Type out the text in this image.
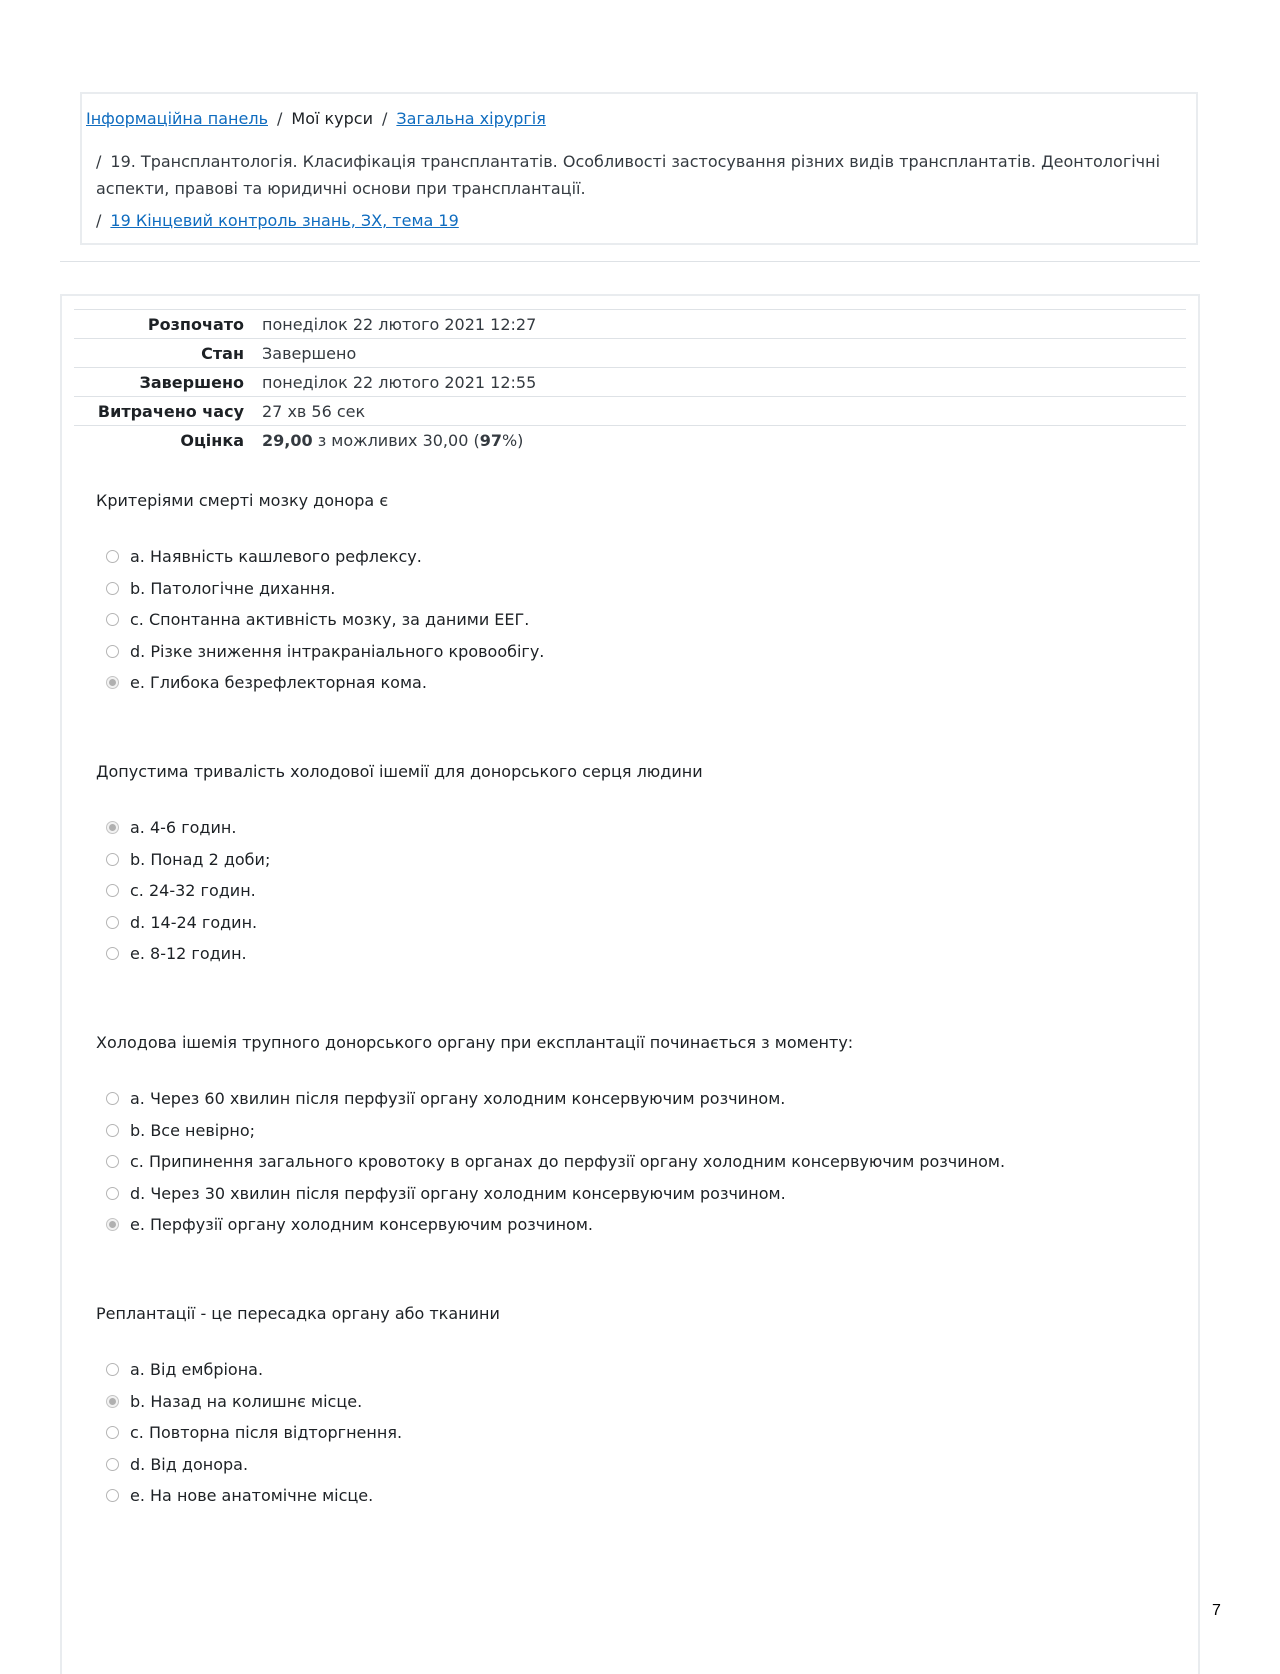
Інформаційна панель / Мої курси / Загальна хірургія
/ 19. Трансплантологія. Класифікація трансплантатів. Особливості застосування різних видів трансплантатів. Деонтологічні аспекти, правові та юридичні основи при трансплантації.
/ 19 Кінцевий контроль знань, ЗХ, тема 19
Розпочато	понеділок 22 лютого 2021 12:27
Стан	Завершено
Завершено	понеділок 22 лютого 2021 12:55
Витрачено часу	27 хв 56 сек
Оцінка	29,00 з можливих 30,00 (97%)

Критеріями смерті мозку донора є

a. Наявність кашлевого рефлексу.
b. Патологічне дихання.
c. Спонтанна активність мозку, за даними ЕЕГ.
d. Різке зниження інтракраніального кровообігу.
e. Глибока безрефлекторная кома.

Допустима тривалість холодової ішемії для донорського серця людини

a. 4-6 годин.
b. Понад 2 доби;
c. 24-32 годин.
d. 14-24 годин.
e. 8-12 годин.

Холодова ішемія трупного донорського органу при експлантації починається з моменту:

a. Через 60 хвилин після перфузії органу холодним консервуючим розчином.
b. Все невірно;
c. Припинення загального кровотоку в органах до перфузії органу холодним консервуючим розчином.
d. Через 30 хвилин після перфузії органу холодним консервуючим розчином.
e. Перфузії органу холодним консервуючим розчином.

Реплантації - це пересадка органу або тканини

a. Від ембріона.
b. Назад на колишнє місце.
c. Повторна після відторгнення.
d. Від донора.
e. На нове анатомічне місце.
7
